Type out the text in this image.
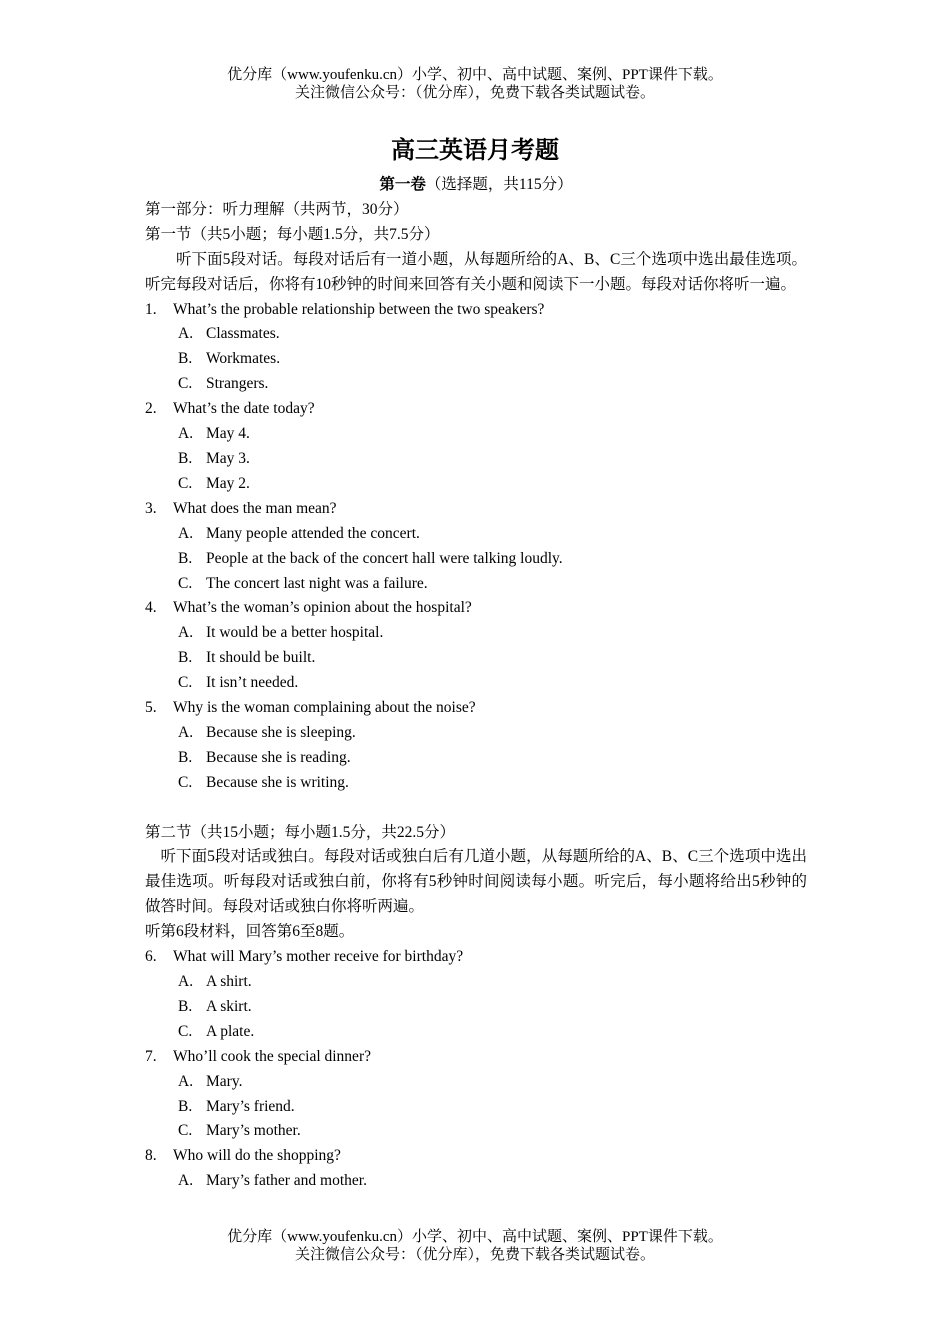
优分库（www.youfenku.cn）小学、初中、高中试题、案例、PPT课件下载。
关注微信公众号：（优分库），免费下载各类试题试卷。
高三英语月考题
第一卷（选择题，共115分）
第一部分：听力理解（共两节，30分）
第一节（共5小题；每小题1.5分，共7.5分）
听下面5段对话。每段对话后有一道小题，从每题所给的A、B、C三个选项中选出最佳选项。听完每段对话后，你将有10秒钟的时间来回答有关小题和阅读下一小题。每段对话你将听一遍。
1. What’s the probable relationship between the two speakers?
A. Classmates.
B. Workmates.
C. Strangers.
2. What’s the date today?
A. May 4.
B. May 3.
C. May 2.
3. What does the man mean?
A. Many people attended the concert.
B. People at the back of the concert hall were talking loudly.
C. The concert last night was a failure.
4. What’s the woman’s opinion about the hospital?
A. It would be a better hospital.
B. It should be built.
C. It isn’t needed.
5. Why is the woman complaining about the noise?
A. Because she is sleeping.
B. Because she is reading.
C. Because she is writing.
第二节（共15小题；每小题1.5分，共22.5分）
听下面5段对话或独白。每段对话或独白后有几道小题，从每题所给的A、B、C三个选项中选出最佳选项。听每段对话或独白前，你将有5秒钟时间阅读每小题。听完后，每小题将给出5秒钟的做答时间。每段对话或独白你将听两遍。
听第6段材料，回答第6至8题。
6. What will Mary’s mother receive for birthday?
A. A shirt.
B. A skirt.
C. A plate.
7. Who’ll cook the special dinner?
A. Mary.
B. Mary’s friend.
C. Mary’s mother.
8. Who will do the shopping?
A. Mary’s father and mother.
优分库（www.youfenku.cn）小学、初中、高中试题、案例、PPT课件下载。
关注微信公众号：（优分库），免费下载各类试题试卷。
